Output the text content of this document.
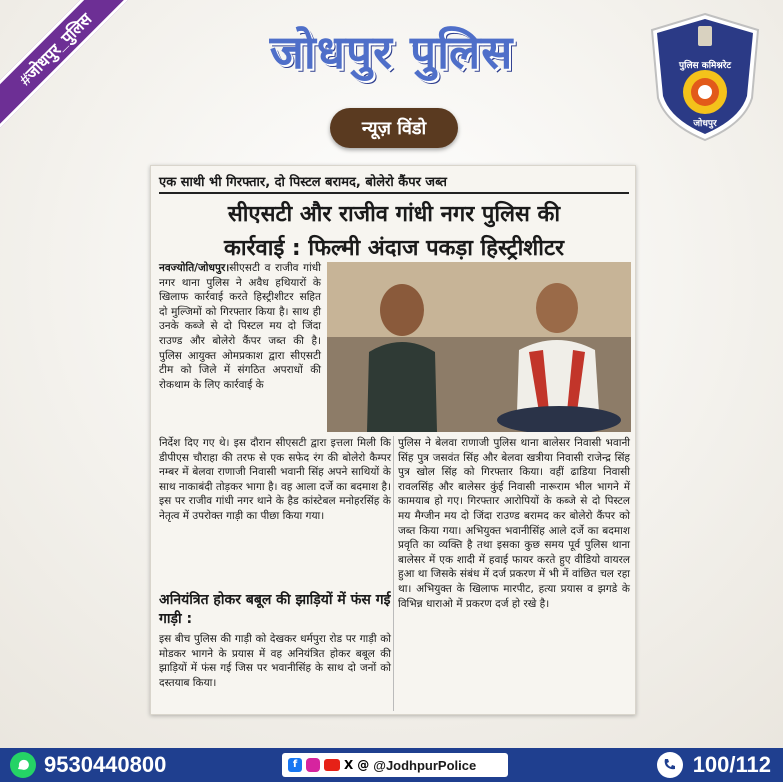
#जोधपुर_पुलिस	जोधपुर पुलिस
न्यूज़ विंडो
पुलिस कमिश्नरेट
जोधपुर
एक साथी भी गिरफ्तार, दो पिस्टल बरामद, बोलेरो कैंपर जब्त
सीएसटी और राजीव गांधी नगर पुलिस की
कार्रवाई : फिल्मी अंदाज पकड़ा हिस्ट्रीशीटर
नवज्योति/जोधपुर।सीएसटी व राजीव गांधी नगर थाना पुलिस ने अवैध हथियारों के खिलाफ कार्रवाई करते हिस्ट्रीशीटर सहित दो मुल्जिमों को गिरफ्तार किया है। साथ ही उनके कब्जे से दो पिस्टल मय दो जिंदा राउण्ड और बोलेरो कैंपर जब्त की है। पुलिस आयुक्त ओमप्रकाश द्वारा सीएसटी टीम को जिले में संगठित अपराधों की रोकथाम के लिए कार्रवाई के
निर्देश दिए गए थे। इस दौरान सीएसटी द्वारा इत्तला मिली कि डीपीएस चौराहा की तरफ से एक सफेद रंग की बोलेरो कैम्पर नम्बर में बेलवा राणाजी निवासी भवानी सिंह अपने साथियों के साथ नाकाबंदी तोड़कर भागा है। वह आला दर्जे का बदमाश है। इस पर राजीव गांधी नगर थाने के हैड कांस्टेबल मनोहरसिंह के नेतृत्व में उपरोक्त गाड़ी का पीछा किया गया।
अनियंत्रित होकर बबूल की झाड़ियों में फंस गई गाड़ी :
इस बीच पुलिस की गाड़ी को देखकर धर्मपुरा रोड पर गाड़ी को मोडकर भागने के प्रयास में वह अनियंत्रित होकर बबूल की झाड़ियों में फंस गई जिस पर भवानीसिंह के साथ दो जनों को दस्तयाब किया।
पुलिस ने बेलवा राणाजी पुलिस थाना बालेसर निवासी भवानी सिंह पुत्र जसवंत सिंह और बेलवा खत्रीया निवासी राजेन्द्र सिंह पुत्र खोल सिंह को गिरफ्तार किया। वहीं ढाडिया निवासी रावलसिंह और बालेसर कुंई निवासी नारूराम भील भागने में कामयाब हो गए। गिरफ्तार आरोपियों के कब्जे से दो पिस्टल मय मैग्जीन मय दो जिंदा राउण्ड बरामद कर बोलेरो कैंपर को जब्त किया गया। अभियुक्त भवानीसिंह आले दर्जे का बदमाश प्रवृति का व्यक्ति है तथा इसका कुछ समय पूर्व पुलिस थाना बालेसर में एक शादी में हवाई फायर करते हुए वीडियो वायरल हुआ था जिसके संबंध में दर्ज प्रकरण में भी में वांछित चल रहा था। अभियुक्त के खिलाफ मारपीट, हत्या प्रयास व झगडे के विभिन्न धाराओ में प्रकरण दर्ज हो रखे है।
9530440800	f	X @ @JodhpurPolice	100/112
